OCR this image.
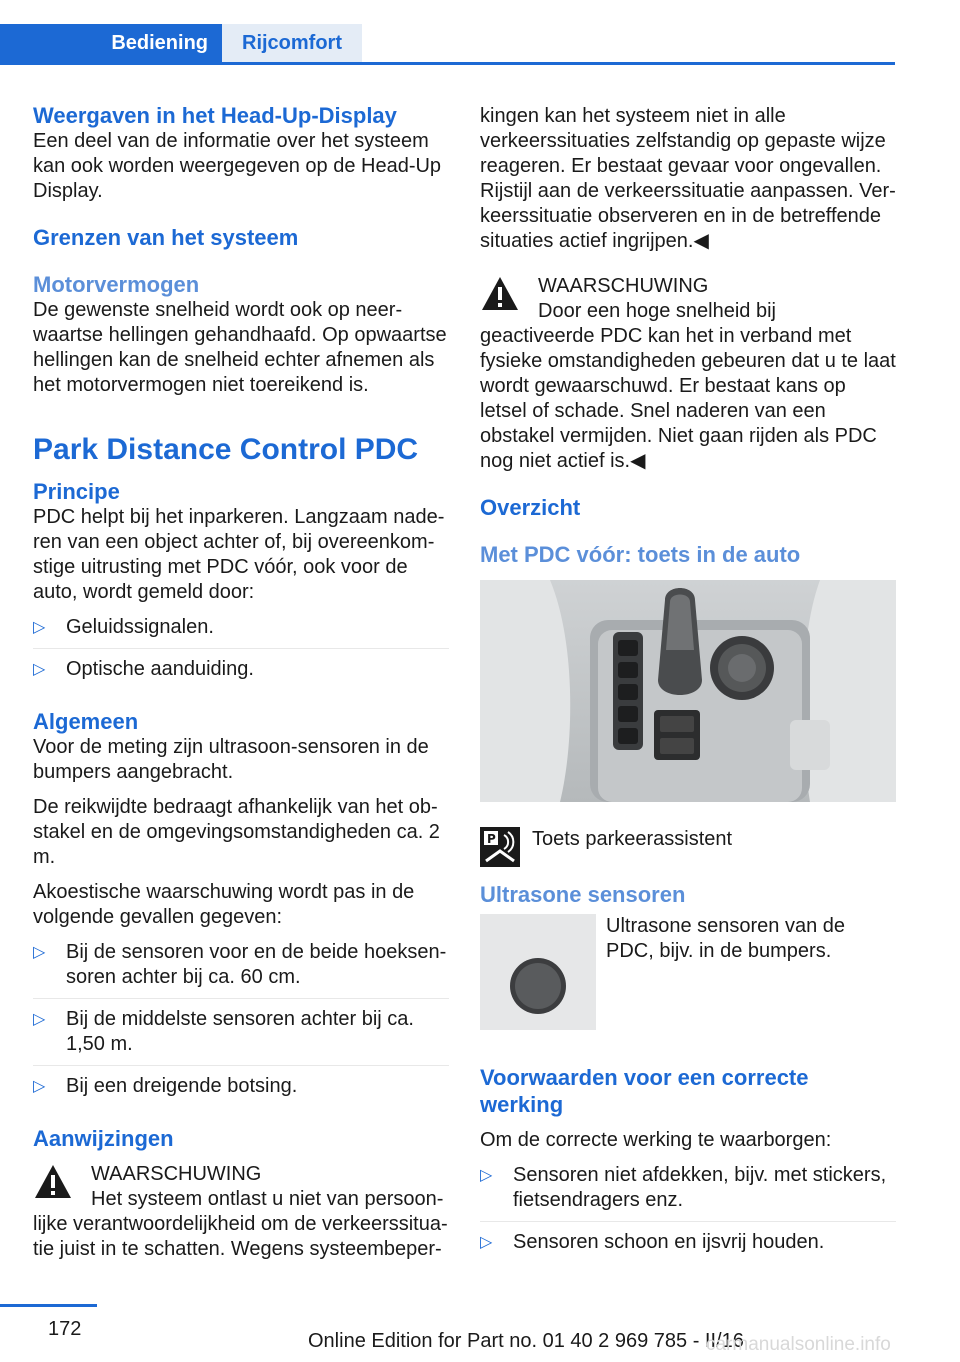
Bediening	Rijcomfort
Weergaven in het Head-Up-Display

Een deel van de informatie over het systeem kan ook worden weergegeven op de Head-Up Display.

Grenzen van het systeem
Motorvermogen

De gewenste snelheid wordt ook op neerwaartse hellingen gehandhaafd. Op opwaartse hellingen kan de snelheid echter afnemen als het motorvermogen niet toereikend is.

Park Distance Control PDC
Principe

PDC helpt bij het inparkeren. Langzaam naderen van een object achter of, bij overeenkomstige uitrusting met PDC vóór, ook voor de auto, wordt gemeld door:

▷ Geluidssignalen.
▷ Optische aanduiding.
Algemeen

Voor de meting zijn ultrasoon-sensoren in de bumpers aangebracht.

De reikwijdte bedraagt afhankelijk van het obstakel en de omgevingsomstandigheden ca. 2 m.

Akoestische waarschuwing wordt pas in de volgende gevallen gegeven:

▷ Bij de sensoren voor en de beide hoeksensoren achter bij ca. 60 cm.
▷ Bij de middelste sensoren achter bij ca. 1,50 m.
▷ Bij een dreigende botsing.
Aanwijzingen
WAARSCHUWING
Het systeem ontlast u niet van persoonlijke verantwoordelijkheid om de verkeerssituatie juist in te schatten. Wegens systeembeper-

kingen kan het systeem niet in alle verkeerssituaties zelfstandig op gepaste wijze reageren. Er bestaat gevaar voor ongevallen. Rijstijl aan de verkeerssituatie aanpassen. Verkeerssituatie observeren en in de betreffende situaties actief ingrijpen.◀

WAARSCHUWING
Door een hoge snelheid bij geactiveerde PDC kan het in verband met fysieke omstandigheden gebeuren dat u te laat wordt gewaarschuwd. Er bestaat kans op letsel of schade. Snel naderen van een obstakel vermijden. Niet gaan rijden als PDC nog niet actief is.◀
Overzicht
Met PDC vóór: toets in de auto
P Toets parkeerassistent
Ultrasone sensoren

Ultrasone sensoren van de PDC, bijv. in de bumpers.

Voorwaarden voor een correcte werking

Om de correcte werking te waarborgen:

▷ Sensoren niet afdekken, bijv. met stickers, fietsendragers enz.
▷ Sensoren schoon en ijsvrij houden.
172
Online Edition for Part no. 01 40 2 969 785 - II/16
carmanualsonline.info
